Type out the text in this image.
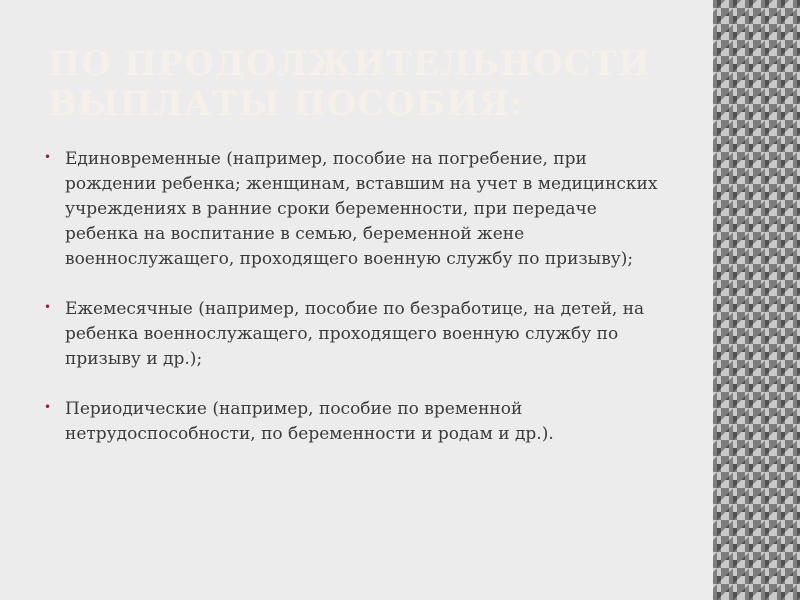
ПО ПРОДОЛЖИТЕЛЬНОСТИ ВЫПЛАТЫ ПОСОБИЯ:
• Единовременные (например, пособие на погребение, при рождении ребенка; женщинам, вставшим на учет в медицинских учреждениях в ранние сроки беременности, при передаче ребенка на воспитание в семью, беременной жене военнослужащего, проходящего военную службу по призыву);
• Ежемесячные (например, пособие по безработице, на детей, на ребенка военнослужащего, проходящего военную службу по призыву и др.);
• Периодические (например, пособие по временной нетрудоспособности, по беременности и родам и др.).
